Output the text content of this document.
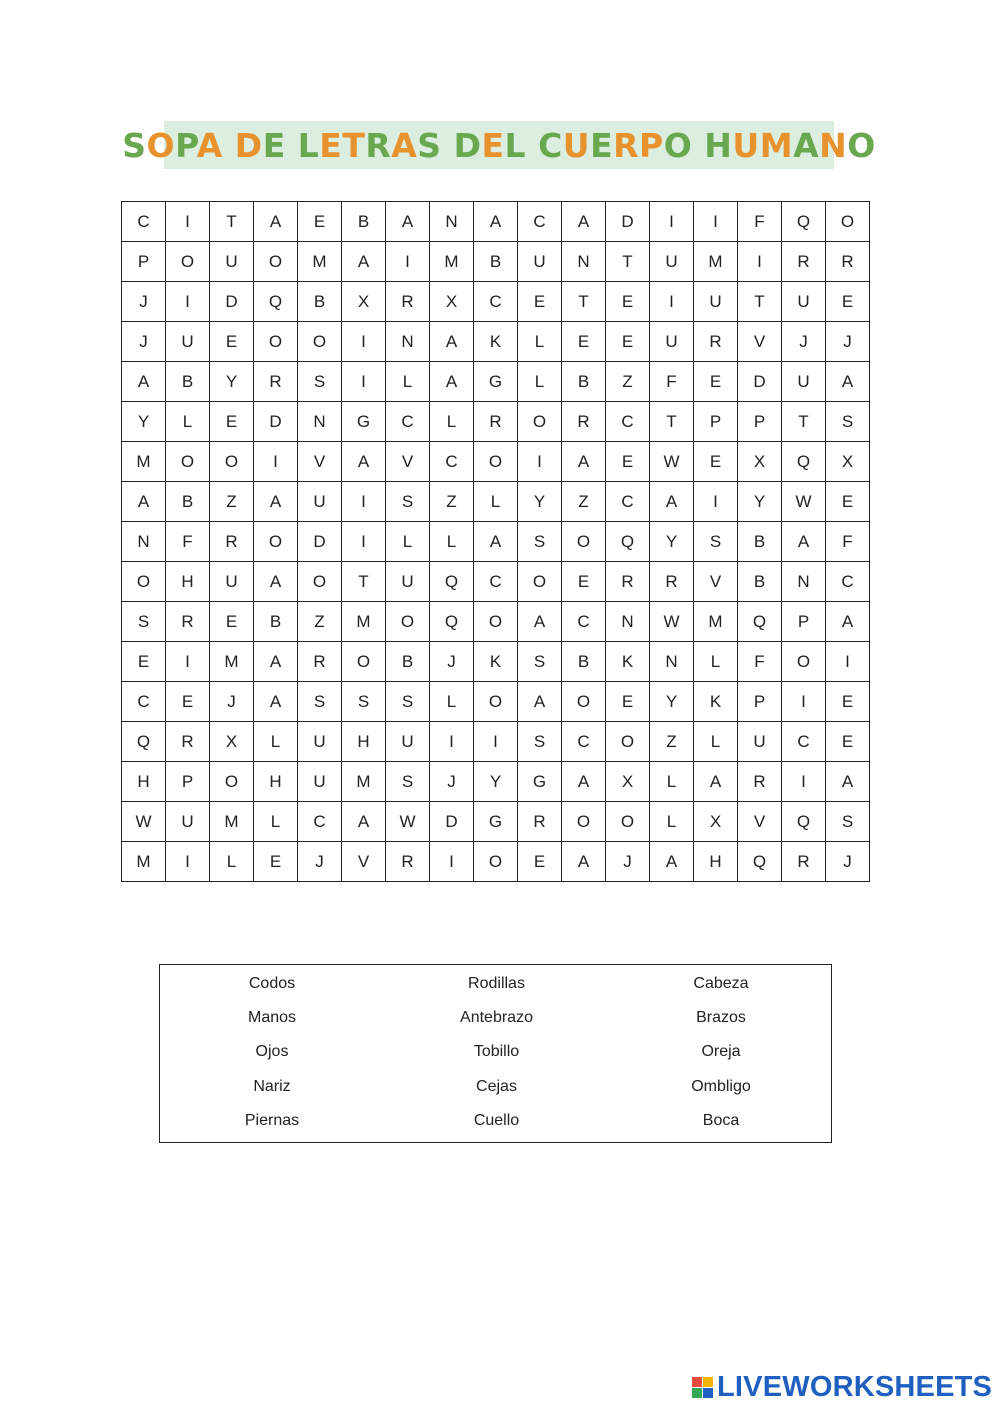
SOPA DE LETRAS DEL CUERPO HUMANO
C	I	T	A	E	B	A	N	A	C	A	D	I	I	F	Q	O
P	O	U	O	M	A	I	M	B	U	N	T	U	M	I	R	R
J	I	D	Q	B	X	R	X	C	E	T	E	I	U	T	U	E
J	U	E	O	O	I	N	A	K	L	E	E	U	R	V	J	J
A	B	Y	R	S	I	L	A	G	L	B	Z	F	E	D	U	A
Y	L	E	D	N	G	C	L	R	O	R	C	T	P	P	T	S
M	O	O	I	V	A	V	C	O	I	A	E	W	E	X	Q	X
A	B	Z	A	U	I	S	Z	L	Y	Z	C	A	I	Y	W	E
N	F	R	O	D	I	L	L	A	S	O	Q	Y	S	B	A	F
O	H	U	A	O	T	U	Q	C	O	E	R	R	V	B	N	C
S	R	E	B	Z	M	O	Q	O	A	C	N	W	M	Q	P	A
E	I	M	A	R	O	B	J	K	S	B	K	N	L	F	O	I
C	E	J	A	S	S	S	L	O	A	O	E	Y	K	P	I	E
Q	R	X	L	U	H	U	I	I	S	C	O	Z	L	U	C	E
H	P	O	H	U	M	S	J	Y	G	A	X	L	A	R	I	A
W	U	M	L	C	A	W	D	G	R	O	O	L	X	V	Q	S
M	I	L	E	J	V	R	I	O	E	A	J	A	H	Q	R	J
Codos	Rodillas	Cabeza
Manos	Antebrazo	Brazos
Ojos	Tobillo	Oreja
Nariz	Cejas	Ombligo
Piernas	Cuello	Boca
LIVEWORKSHEETS
